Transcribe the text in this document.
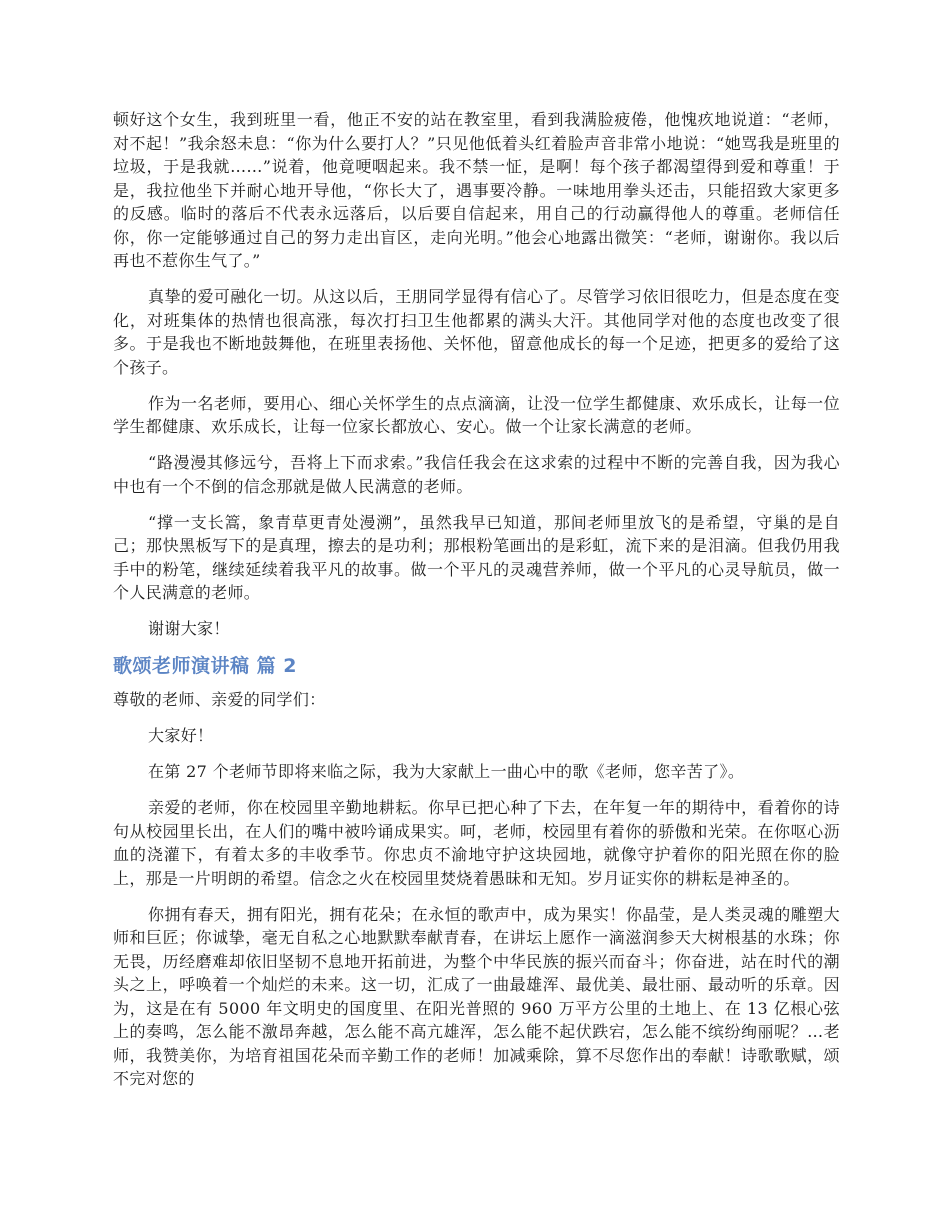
顿好这个女生，我到班里一看，他正不安的站在教室里，看到我满脸疲倦，他愧疚地说道：“老师，对不起！”我余怒未息：“你为什么要打人？”只见他低着头红着脸声音非常小地说：“她骂我是班里的垃圾，于是我就……”说着，他竟哽咽起来。我不禁一怔，是啊！每个孩子都渴望得到爱和尊重！于是，我拉他坐下并耐心地开导他，“你长大了，遇事要冷静。一味地用拳头还击，只能招致大家更多的反感。临时的落后不代表永远落后，以后要自信起来，用自己的行动赢得他人的尊重。老师信任你，你一定能够通过自己的努力走出盲区，走向光明。”他会心地露出微笑：“老师，谢谢你。我以后再也不惹你生气了。”

真挚的爱可融化一切。从这以后，王朋同学显得有信心了。尽管学习依旧很吃力，但是态度在变化，对班集体的热情也很高涨，每次打扫卫生他都累的满头大汗。其他同学对他的态度也改变了很多。于是我也不断地鼓舞他，在班里表扬他、关怀他，留意他成长的每一个足迹，把更多的爱给了这个孩子。

作为一名老师，要用心、细心关怀学生的点点滴滴，让没一位学生都健康、欢乐成长，让每一位学生都健康、欢乐成长，让每一位家长都放心、安心。做一个让家长满意的老师。

“路漫漫其修远兮，吾将上下而求索。”我信任我会在这求索的过程中不断的完善自我，因为我心中也有一个不倒的信念那就是做人民满意的老师。

“撑一支长篙，象青草更青处漫溯”，虽然我早已知道，那间老师里放飞的是希望，守巢的是自己；那快黑板写下的是真理，擦去的是功利；那根粉笔画出的是彩虹，流下来的是泪滴。但我仍用我手中的粉笔，继续延续着我平凡的故事。做一个平凡的灵魂营养师，做一个平凡的心灵导航员，做一个人民满意的老师。

谢谢大家！

歌颂老师演讲稿 篇 2

尊敬的老师、亲爱的同学们：

大家好！

在第 27 个老师节即将来临之际，我为大家献上一曲心中的歌《老师，您辛苦了》。

亲爱的老师，你在校园里辛勤地耕耘。你早已把心种了下去，在年复一年的期待中，看着你的诗句从校园里长出，在人们的嘴中被吟诵成果实。呵，老师，校园里有着你的骄傲和光荣。在你呕心沥血的浇灌下，有着太多的丰收季节。你忠贞不渝地守护这块园地，就像守护着你的阳光照在你的脸上，那是一片明朗的希望。信念之火在校园里焚烧着愚昧和无知。岁月证实你的耕耘是神圣的。

你拥有春天，拥有阳光，拥有花朵；在永恒的歌声中，成为果实！你晶莹，是人类灵魂的雕塑大师和巨匠；你诚挚，毫无自私之心地默默奉献青春，在讲坛上愿作一滴滋润参天大树根基的水珠；你无畏，历经磨难却依旧坚韧不息地开拓前进，为整个中华民族的振兴而奋斗；你奋进，站在时代的潮头之上，呼唤着一个灿烂的未来。这一切，汇成了一曲最雄浑、最优美、最壮丽、最动听的乐章。因为，这是在有 5000 年文明史的国度里、在阳光普照的 960 万平方公里的土地上、在 13 亿根心弦上的奏鸣，怎么能不激昂奔越，怎么能不高亢雄浑，怎么能不起伏跌宕，怎么能不缤纷绚丽呢？…老师，我赞美你，为培育祖国花朵而辛勤工作的老师！加减乘除，算不尽您作出的奉献！诗歌歌赋，颂不完对您的
